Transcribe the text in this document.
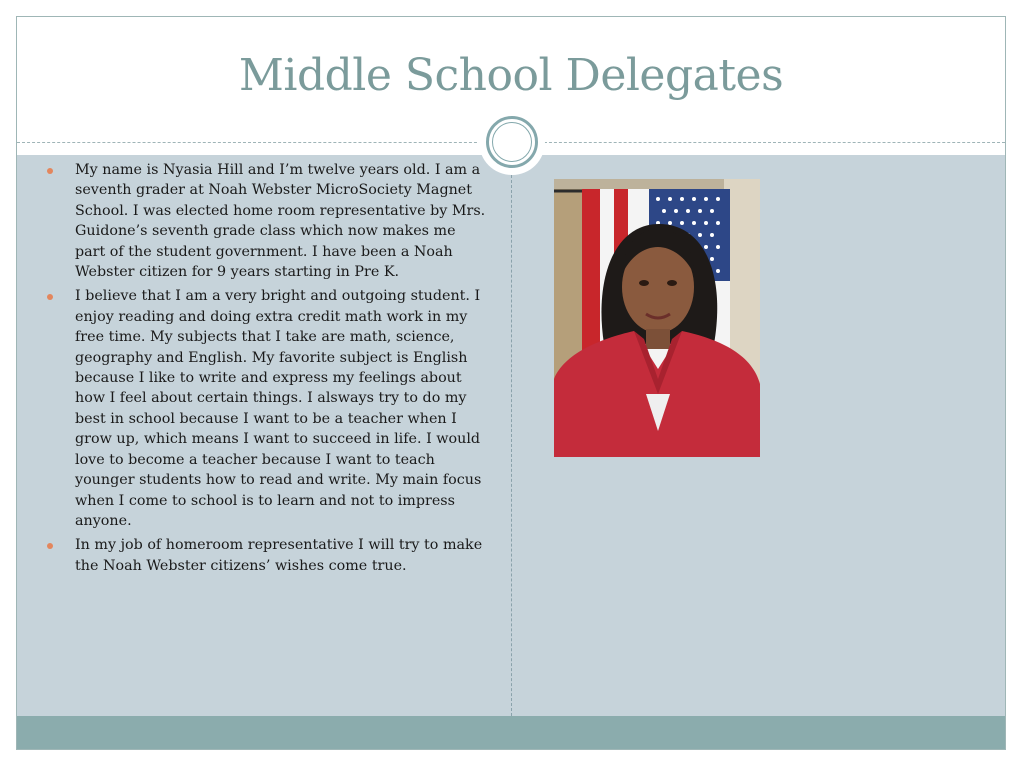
Middle School Delegates
My name is Nyasia Hill and I’m twelve years old. I am a seventh grader at Noah Webster MicroSociety Magnet School. I was elected home room representative by Mrs. Guidone’s seventh grade class which now makes me part of the student government. I have been a Noah Webster citizen for 9 years starting in Pre K.
I believe that I am a very bright and outgoing student. I enjoy reading and doing extra credit math work in my free time. My subjects that I take are math, science, geography and English. My favorite subject is English because I like to write and express my feelings about how I feel about certain things. I alsways try to do my best in school because I want to be a teacher when I grow up, which means I want to succeed in life. I would love to become a teacher because I want to teach younger students how to read and write. My main focus when I come to school is to learn and not to impress anyone.
In my job of homeroom representative I will try to make the Noah Webster citizens’ wishes come true.
